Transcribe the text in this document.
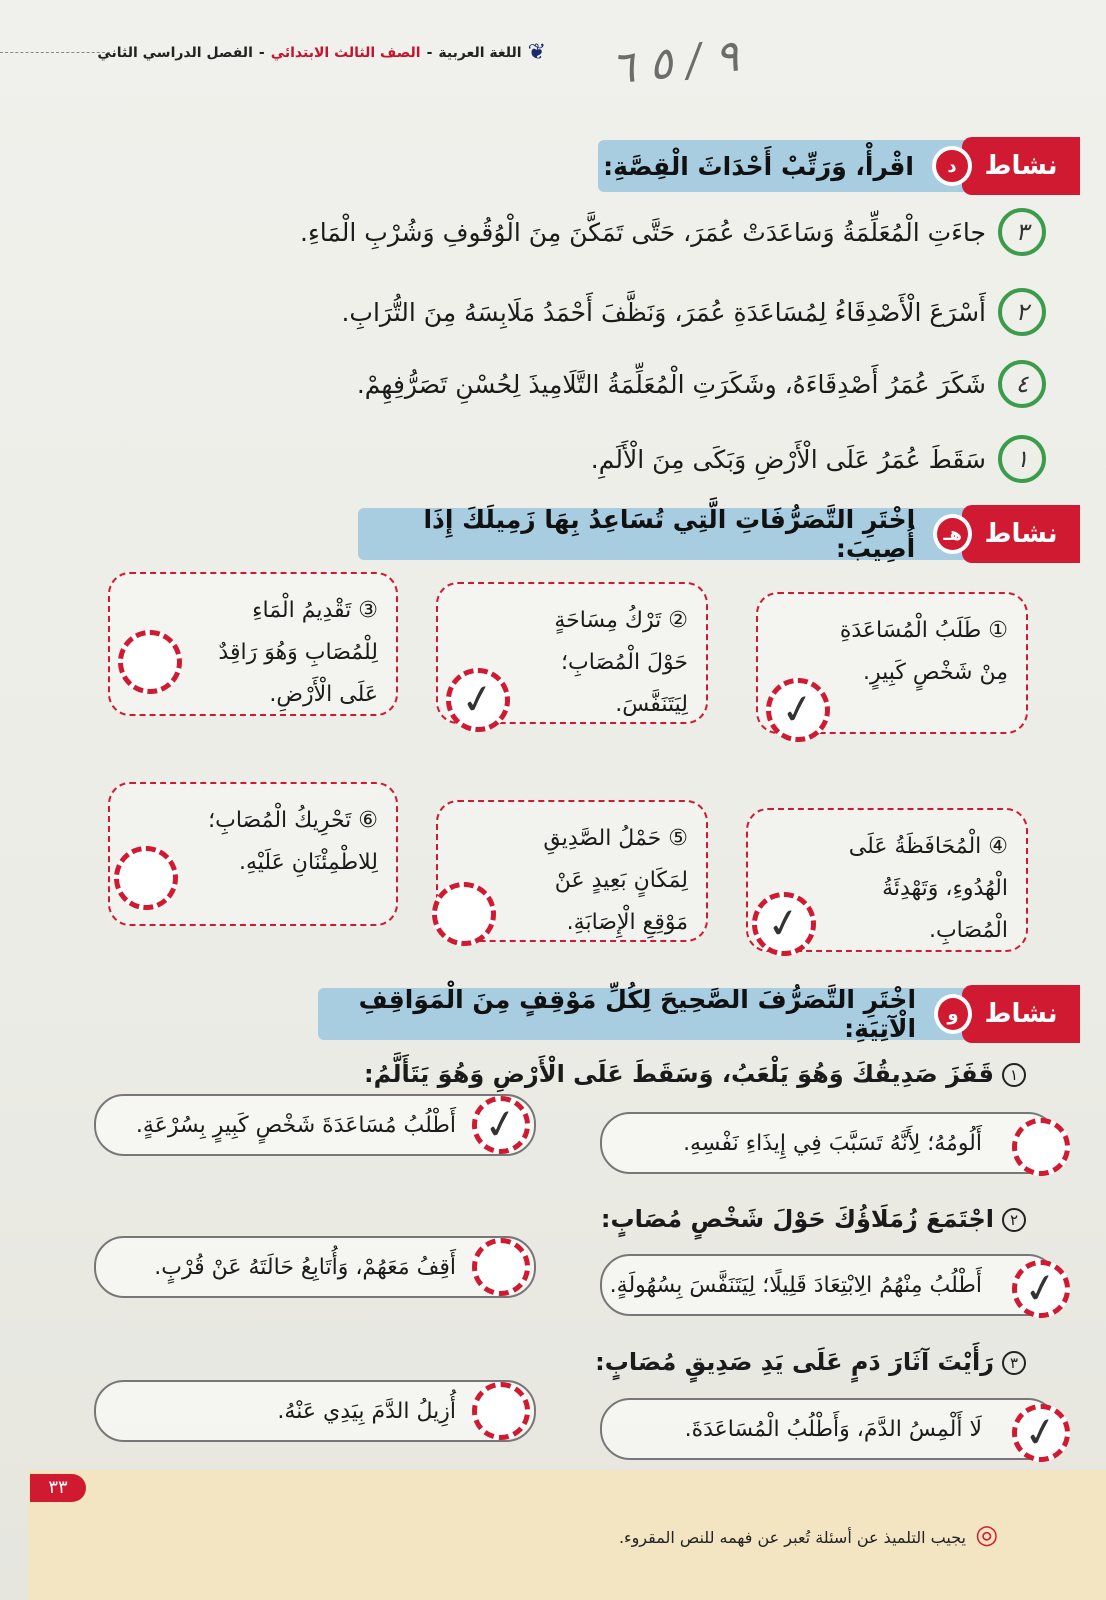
❦
اللغة العربية
-
الصف الثالث الابتدائي
-
الفصل الدراسي الثاني	٩ / ٥ ٦
نشاط
د
اقْرأْ، وَرَتِّبْ أَحْدَاثَ الْقِصَّةِ:
٣
جاءَتِ الْمُعَلِّمَةُ وَسَاعَدَتْ عُمَرَ، حَتَّى تَمَكَّنَ مِنَ الْوُقُوفِ وَشُرْبِ الْمَاءِ.
٢
أَسْرَعَ الْأَصْدِقَاءُ لِمُسَاعَدَةِ عُمَرَ، وَنَظَّفَ أَحْمَدُ مَلَابِسَهُ مِنَ التُّرَابِ.
٤
شَكَرَ عُمَرُ أَصْدِقَاءَهُ، وشَكَرَتِ الْمُعَلِّمَةُ التَّلَامِيذَ لِحُسْنِ تَصَرُّفِهِمْ.
١
سَقَطَ عُمَرُ عَلَى الْأَرْضِ وَبَكَى مِنَ الْأَلَمِ.
نشاط
هـ
اخْتَرِ التَّصَرُّفَاتِ الَّتِي تُسَاعِدُ بِهَا زَمِيلَكَ إِذَا أُصِيبَ:
① طَلَبُ الْمُسَاعَدَةِ مِنْ شَخْصٍ كَبِيرٍ.
✓
② تَرْكُ مِسَاحَةٍ حَوْلَ الْمُصَابِ؛ لِيَتَنَفَّسَ.
✓
③ تَقْدِيمُ الْمَاءِ لِلْمُصَابِ وَهُوَ رَاقِدٌ عَلَى الْأَرْضِ.
④ الْمُحَافَظَةُ عَلَى الْهُدُوءِ، وَتَهْدِئَةُ الْمُصَابِ.
✓
⑤ حَمْلُ الصَّدِيقِ لِمَكَانٍ بَعِيدٍ عَنْ مَوْقِعِ الْإِصَابَةِ.
⑥ تَحْرِيكُ الْمُصَابِ؛ لِلاطْمِئْنَانِ عَلَيْهِ.
نشاط
و
اخْتَرِ التَّصَرُّفَ الصَّحِيحَ لِكُلِّ مَوْقِفٍ مِنَ الْمَوَاقِفِ الْآتِيَةِ:
١قَفَزَ صَدِيقُكَ وَهُوَ يَلْعَبُ، وَسَقَطَ عَلَى الْأَرْضِ وَهُوَ يَتَأَلَّمُ:
أَلُومُهُ؛ لِأَنَّهُ تَسَبَّبَ فِي إِيذَاءِ نَفْسِهِ.
أَطْلُبُ مُسَاعَدَةَ شَخْصٍ كَبِيرٍ بِسُرْعَةٍ. ✓
٢اجْتَمَعَ زُمَلَاؤُكَ حَوْلَ شَخْصٍ مُصَابٍ:
أَطْلُبُ مِنْهُمُ الِابْتِعَادَ قَلِيلًا؛ لِيَتَنَفَّسَ بِسُهُولَةٍ. ✓
أَقِفُ مَعَهُمْ، وَأُتَابِعُ حَالَتَهُ عَنْ قُرْبٍ.
٣رَأَيْتَ آثَارَ دَمٍ عَلَى يَدِ صَدِيقٍ مُصَابٍ:
لَا أَلْمِسُ الدَّمَ، وَأَطْلُبُ الْمُسَاعَدَةَ. ✓
أُزِيلُ الدَّمَ بِيَدِي عَنْهُ.
٣٣
◎
يجيب التلميذ عن أسئلة تُعبر عن فهمه للنص المقروء.
